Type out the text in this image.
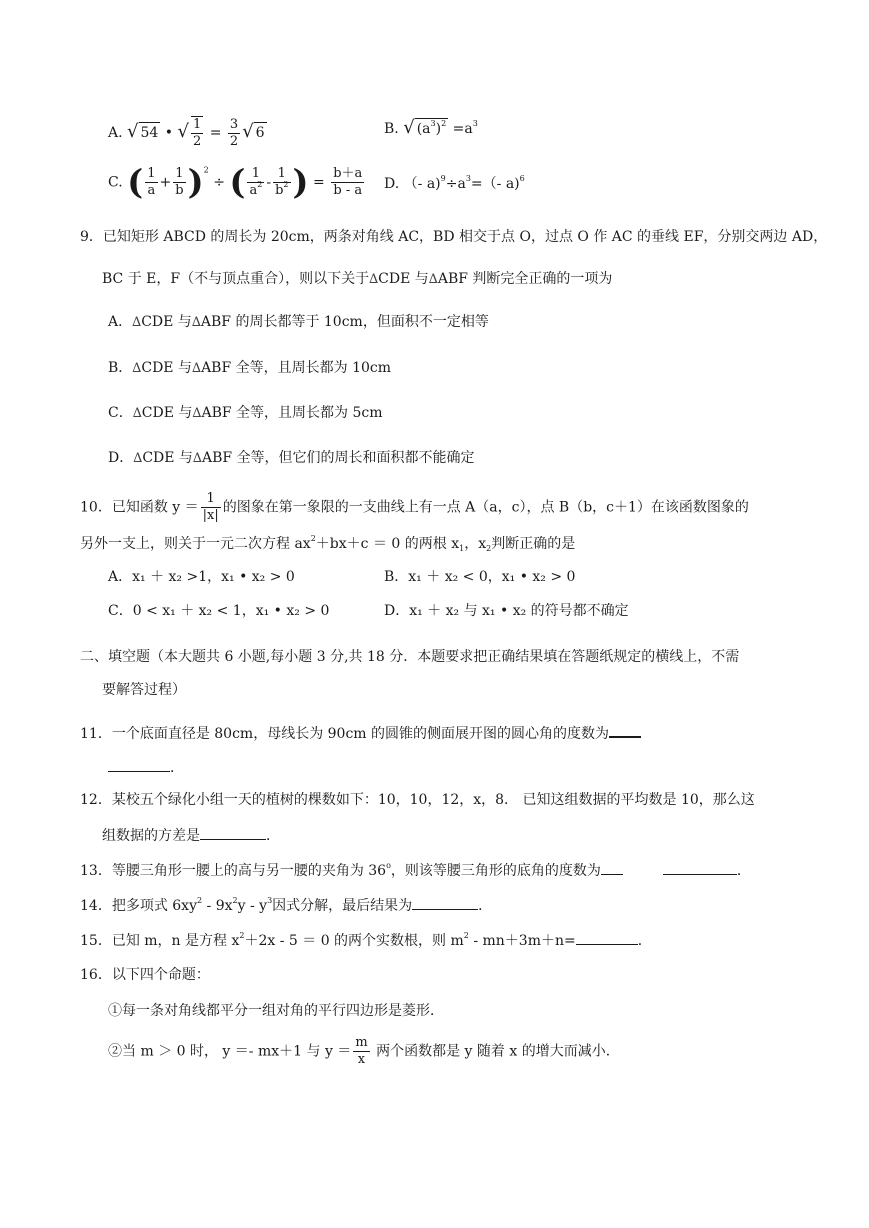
A. √ 54 • √ $\frac{1}{2} = \frac{3}{2}$ √ 6	B. √ $(a^3)^2 =a^3$
C. ( $\frac{1}{a} + \frac{1}{b} )^2$ ÷ ( $\frac{1}{a^2} - \frac{1}{b^2}$ ) = $\frac{b+a}{b - a} D$. （- $a)^9\div a^3=(-$ a)$^6$
9．已知矩形 ABCD 的周长为 20cm，两条对角线 AC，BD 相交于点 O，过点 O 作 AC 的垂线 EF，分别交两边 AD，
BC 于 E，F（不与顶点重合），则以下关于∆CDE 与∆ABF 判断完全正确的一项为
A．∆CDE 与∆ABF 的周长都等于 10cm，但面积不一定相等
B．∆CDE 与∆ABF 全等，且周长都为 10cm
C．∆CDE 与∆ABF 全等，且周长都为 5cm
D．∆CDE 与∆ABF 全等，但它们的周长和面积都不能确定
10．已知函数 $y = \frac{1}{|x|}$ 的图象在第一象限的一支曲线上有一点 A（a，c），点 B（b，c＋1）在该函数图象的
另外一支上，则关于一元二次方程 $ax^2+bx+c = 0$ 的两根 $x_1$，$x_2$判断正确的是
A．x₁ ＋ x₂ >1，x₁ • x₂ > 0	B．x₁ ＋ x₂ < 0，x₁ • x₂ > 0
C．0 < x₁ ＋ x₂ < 1，x₁ • x₂ > 0	D．x₁ ＋ x₂ 与 x₁ • x₂ 的符号都不确定
二、填空题（本大题共 6 小题,每小题 3 分,共 18 分．本题要求把正确结果填在答题纸规定的横线上，不需
要解答过程）
11．一个底面直径是 80cm，母线长为 90cm 的圆锥的侧面展开图的圆心角的度数为
．
12．某校五个绿化小组一天的植树的棵数如下：10，10，12，x，8． 已知这组数据的平均数是 10，那么这
组数据的方差是	．
13．等腰三角形一腰上的高与另一腰的夹角为 36$^o$，则该等腰三角形的底角的度数为	．
14．把多项式 $6xy^2 - 9x^2y - y^3$因式分解，最后结果为	．
15．已知 m，n 是方程 $x^2+2x - 5 = 0$ 的两个实数根，则 $m^2 - mn+3m+n=$	．
16．以下四个命题：
①每一条对角线都平分一组对角的平行四边形是菱形．
②当 m ＞ 0 时， y ＝- mx＋1 与 $y = \frac{m}{x}$ 两个函数都是 y 随着 x 的增大而减小．
